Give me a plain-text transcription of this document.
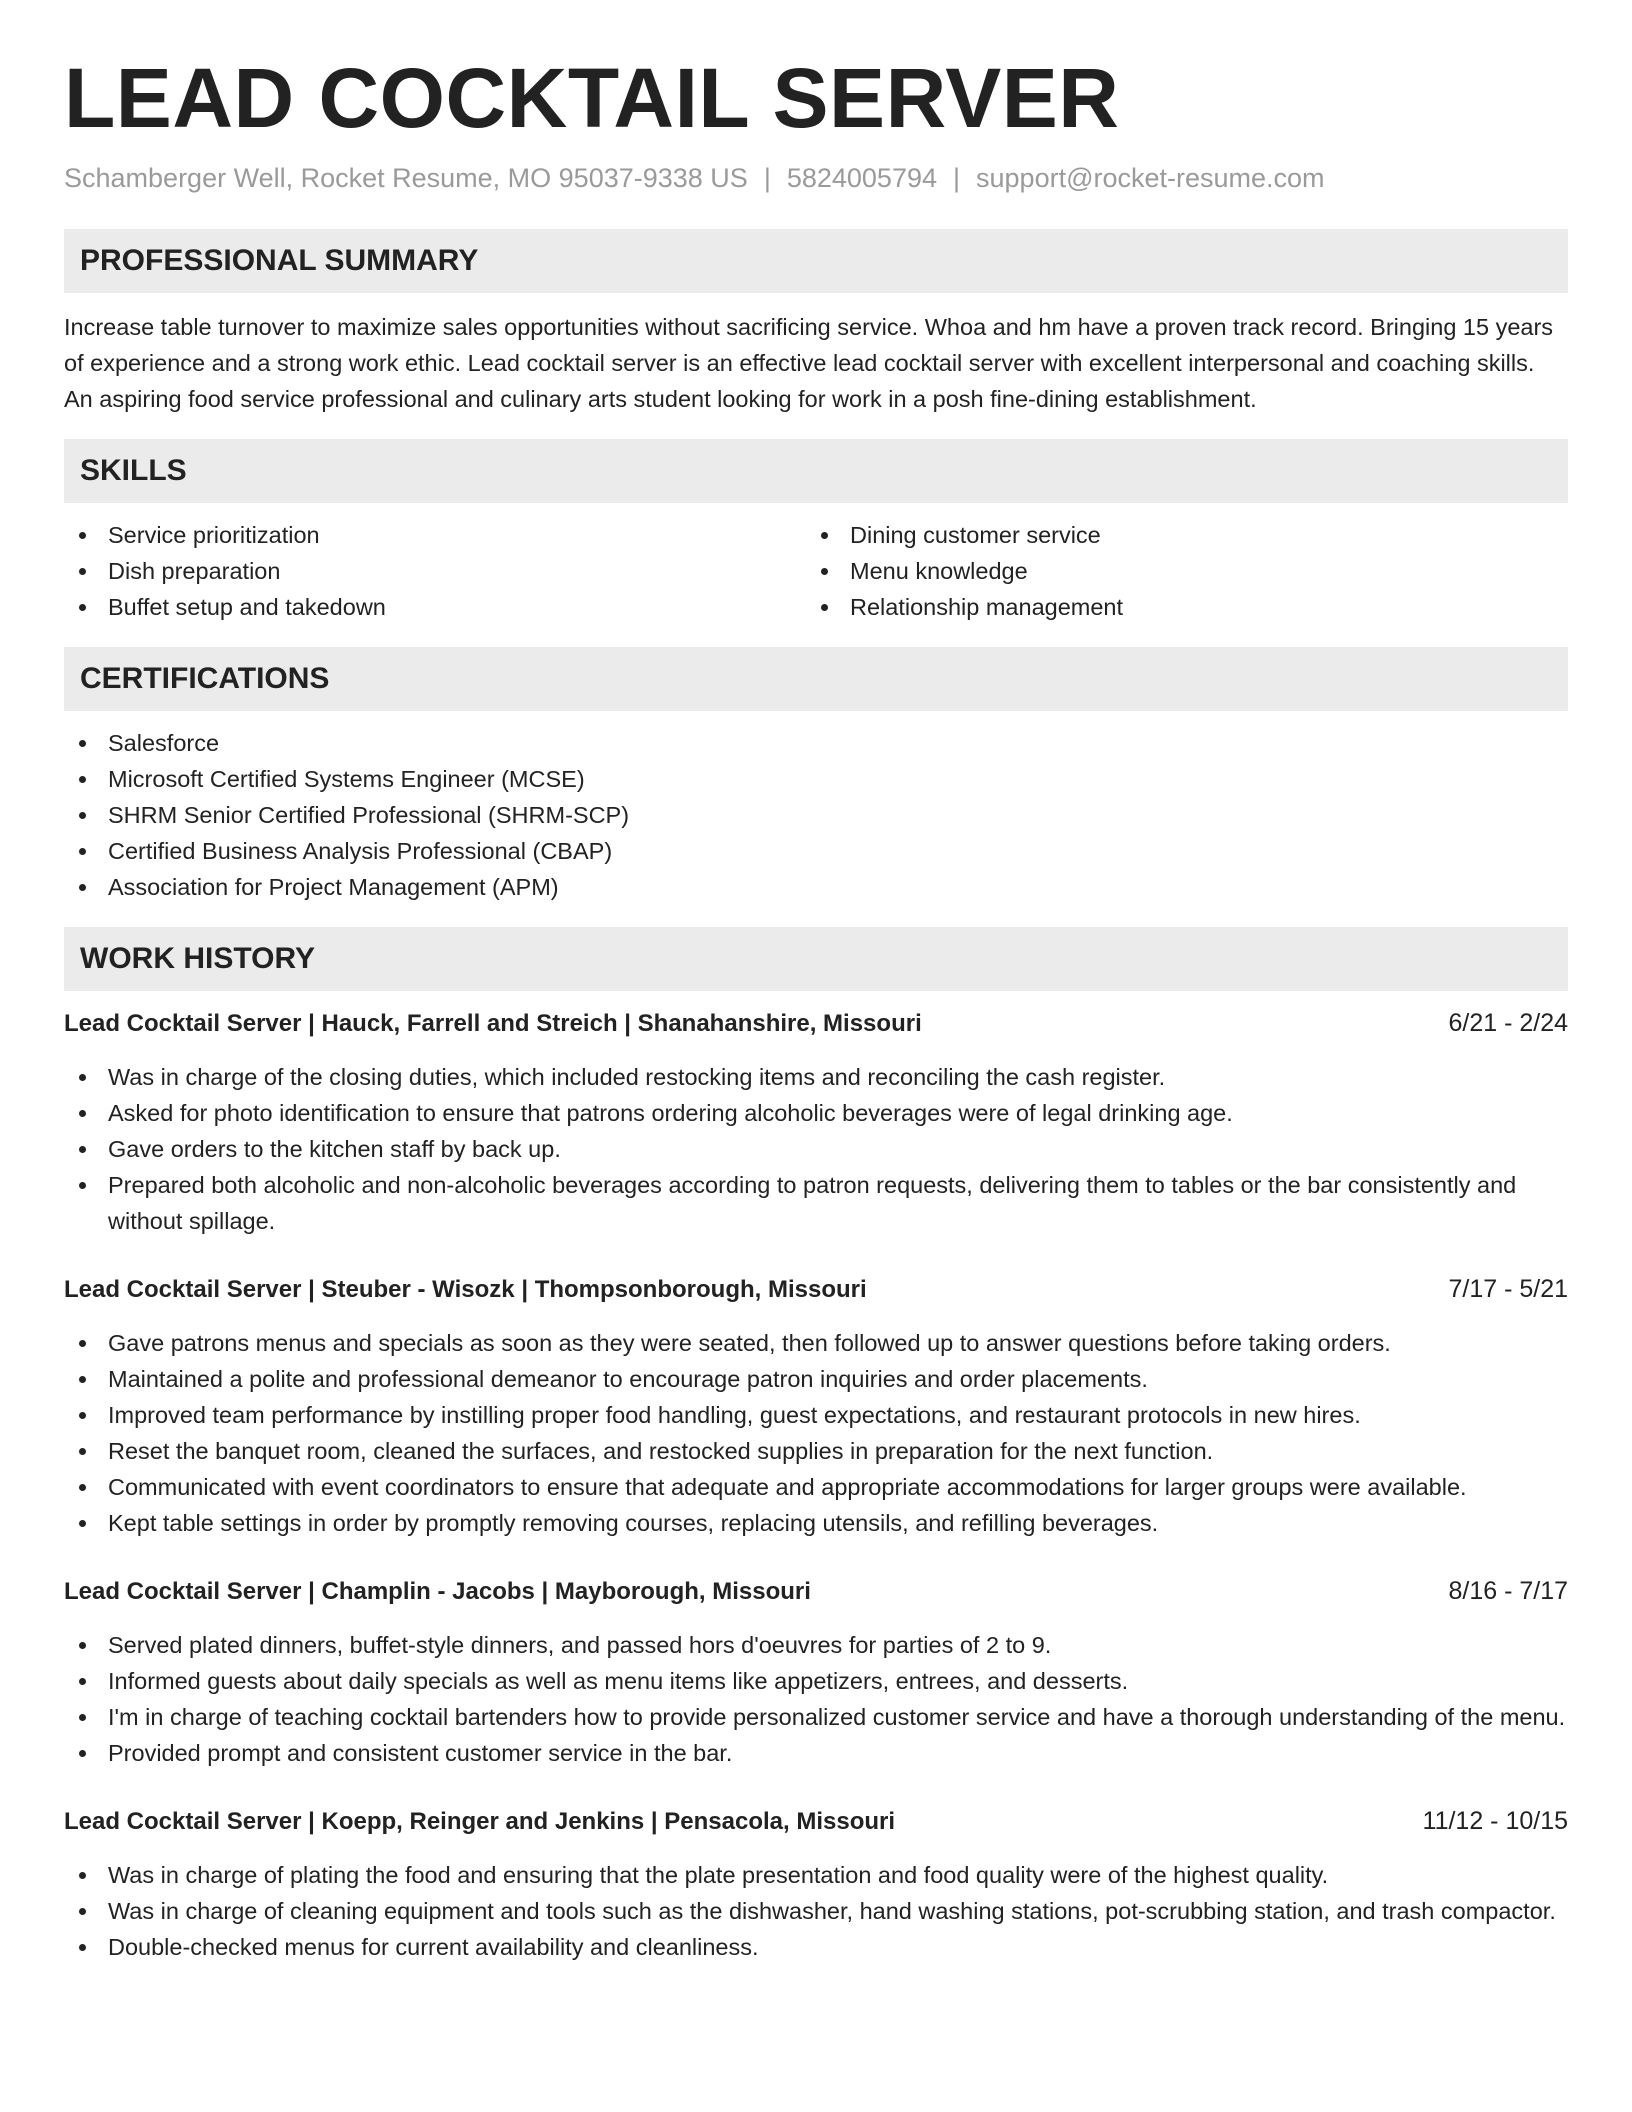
LEAD COCKTAIL SERVER
Schamberger Well, Rocket Resume, MO 95037-9338 US | 5824005794 | support@rocket-resume.com
PROFESSIONAL SUMMARY

Increase table turnover to maximize sales opportunities without sacrificing service. Whoa and hm have a proven track record. Bringing 15 years of experience and a strong work ethic. Lead cocktail server is an effective lead cocktail server with excellent interpersonal and coaching skills. An aspiring food service professional and culinary arts student looking for work in a posh fine-dining establishment.

SKILLS
Service prioritization
Dish preparation
Buffet setup and takedown
Dining customer service
Menu knowledge
Relationship management
CERTIFICATIONS
Salesforce
Microsoft Certified Systems Engineer (MCSE)
SHRM Senior Certified Professional (SHRM-SCP)
Certified Business Analysis Professional (CBAP)
Association for Project Management (APM)
WORK HISTORY
Lead Cocktail Server | Hauck, Farrell and Streich | Shanahanshire, Missouri	6/21 - 2/24
Was in charge of the closing duties, which included restocking items and reconciling the cash register.
Asked for photo identification to ensure that patrons ordering alcoholic beverages were of legal drinking age.
Gave orders to the kitchen staff by back up.
Prepared both alcoholic and non-alcoholic beverages according to patron requests, delivering them to tables or the bar consistently and without spillage.
Lead Cocktail Server | Steuber - Wisozk | Thompsonborough, Missouri	7/17 - 5/21
Gave patrons menus and specials as soon as they were seated, then followed up to answer questions before taking orders.
Maintained a polite and professional demeanor to encourage patron inquiries and order placements.
Improved team performance by instilling proper food handling, guest expectations, and restaurant protocols in new hires.
Reset the banquet room, cleaned the surfaces, and restocked supplies in preparation for the next function.
Communicated with event coordinators to ensure that adequate and appropriate accommodations for larger groups were available.
Kept table settings in order by promptly removing courses, replacing utensils, and refilling beverages.
Lead Cocktail Server | Champlin - Jacobs | Mayborough, Missouri	8/16 - 7/17
Served plated dinners, buffet-style dinners, and passed hors d'oeuvres for parties of 2 to 9.
Informed guests about daily specials as well as menu items like appetizers, entrees, and desserts.
I'm in charge of teaching cocktail bartenders how to provide personalized customer service and have a thorough understanding of the menu.
Provided prompt and consistent customer service in the bar.
Lead Cocktail Server | Koepp, Reinger and Jenkins | Pensacola, Missouri	11/12 - 10/15
Was in charge of plating the food and ensuring that the plate presentation and food quality were of the highest quality.
Was in charge of cleaning equipment and tools such as the dishwasher, hand washing stations, pot-scrubbing station, and trash compactor.
Double-checked menus for current availability and cleanliness.
